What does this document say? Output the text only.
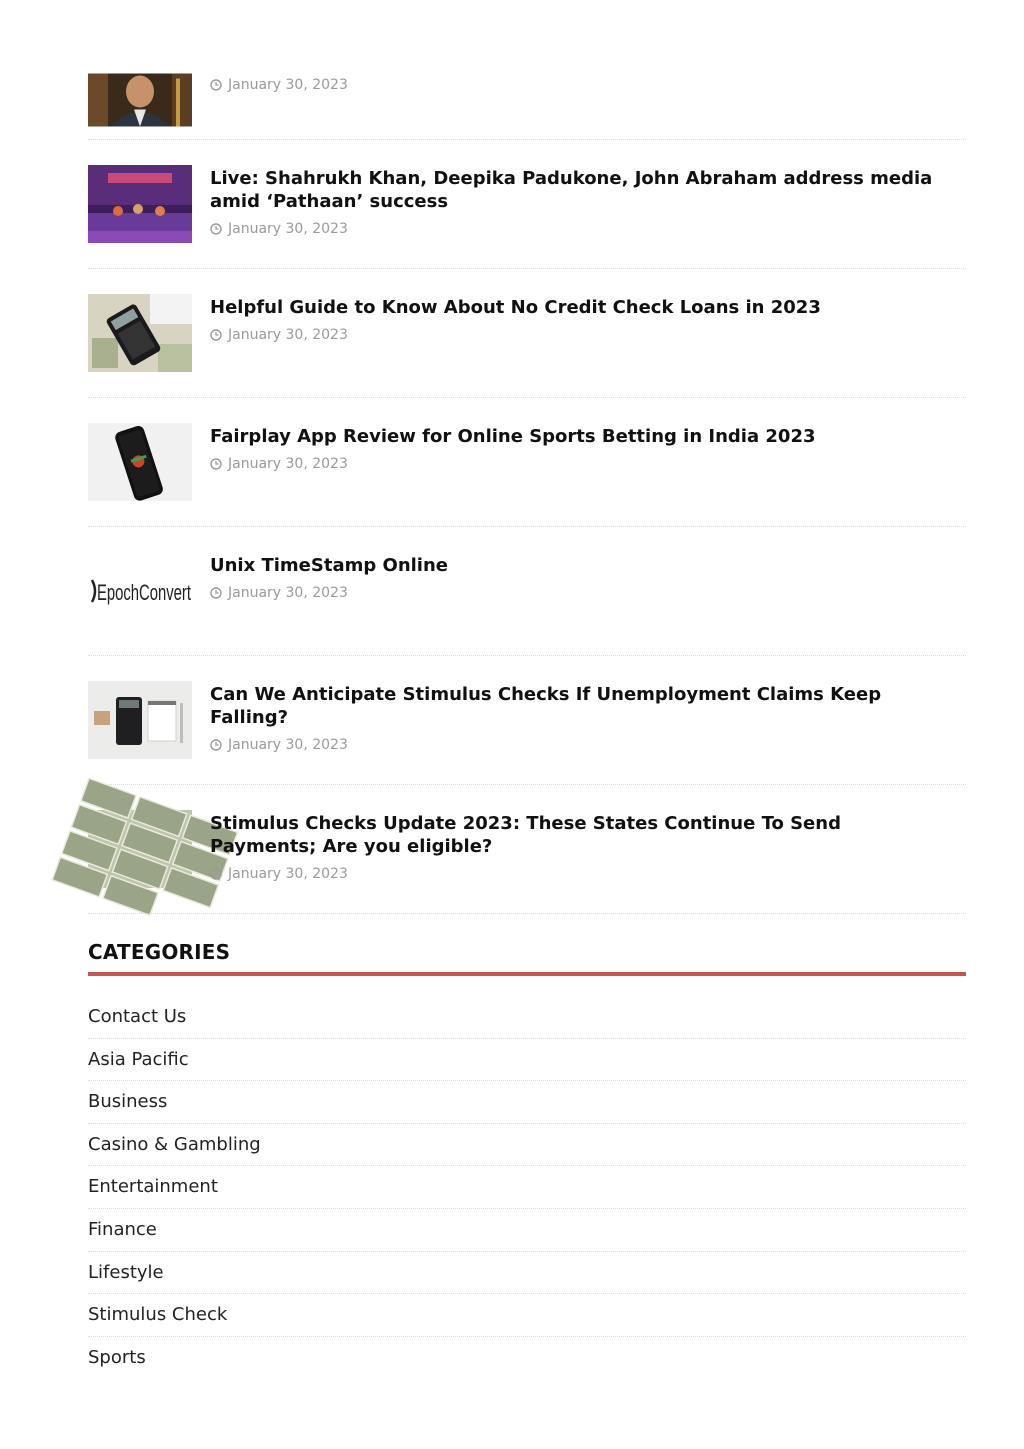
January 30, 2023

Live: Shahrukh Khan, Deepika Padukone, John Abraham address media amid ‘Pathaan’ success

January 30, 2023

Helpful Guide to Know About No Credit Check Loans in 2023

January 30, 2023

Fairplay App Review for Online Sports Betting in India 2023

January 30, 2023
EpochConvert

Unix TimeStamp Online

January 30, 2023

Can We Anticipate Stimulus Checks If Unemployment Claims Keep Falling?

January 30, 2023

Stimulus Checks Update 2023: These States Continue To Send Payments; Are you eligible?

January 30, 2023
CATEGORIES
Contact Us
Asia Pacific
Business
Casino & Gambling
Entertainment
Finance
Lifestyle
Stimulus Check
Sports
